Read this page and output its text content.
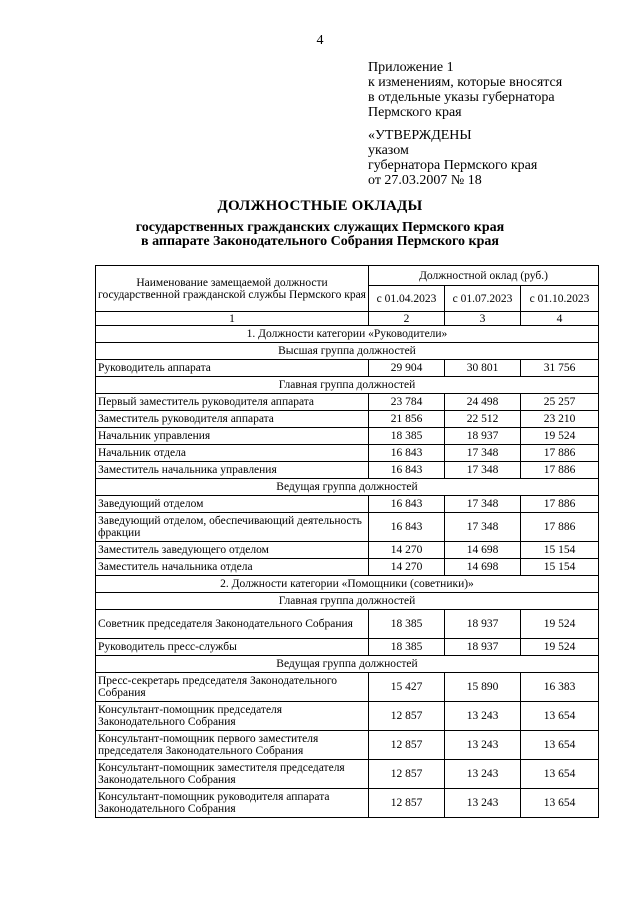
4
Приложение 1
к изменениям, которые вносятся
в отдельные указы губернатора
Пермского края
«УТВЕРЖДЕНЫ
указом
губернатора Пермского края
от 27.03.2007 № 18
ДОЛЖНОСТНЫЕ ОКЛАДЫ
государственных гражданских служащих Пермского края
в аппарате Законодательного Собрания Пермского края
Наименование замещаемой должности государственной гражданской службы Пермского края	Должностной оклад (руб.)		
	с 01.04.2023	с 01.07.2023	с 01.10.2023
1	2	3	4
1. Должности категории «Руководители»			
Высшая группа должностей			
Руководитель аппарата	29 904	30 801	31 756
Главная группа должностей			
Первый заместитель руководителя аппарата	23 784	24 498	25 257
Заместитель руководителя аппарата	21 856	22 512	23 210
Начальник управления	18 385	18 937	19 524
Начальник отдела	16 843	17 348	17 886
Заместитель начальника управления	16 843	17 348	17 886
Ведущая группа должностей			
Заведующий отделом	16 843	17 348	17 886
Заведующий отделом, обеспечивающий деятельность фракции	16 843	17 348	17 886
Заместитель заведующего отделом	14 270	14 698	15 154
Заместитель начальника отдела	14 270	14 698	15 154
2. Должности категории «Помощники (советники)»			
Главная группа должностей			
Советник председателя Законодательного Собрания	18 385	18 937	19 524
Руководитель пресс-службы	18 385	18 937	19 524
Ведущая группа должностей			
Пресс-секретарь председателя Законодательного Собрания	15 427	15 890	16 383
Консультант-помощник председателя Законодательного Собрания	12 857	13 243	13 654
Консультант-помощник первого заместителя председателя Законодательного Собрания	12 857	13 243	13 654
Консультант-помощник заместителя председателя Законодательного Собрания	12 857	13 243	13 654
Консультант-помощник руководителя аппарата Законодательного Собрания	12 857	13 243	13 654
